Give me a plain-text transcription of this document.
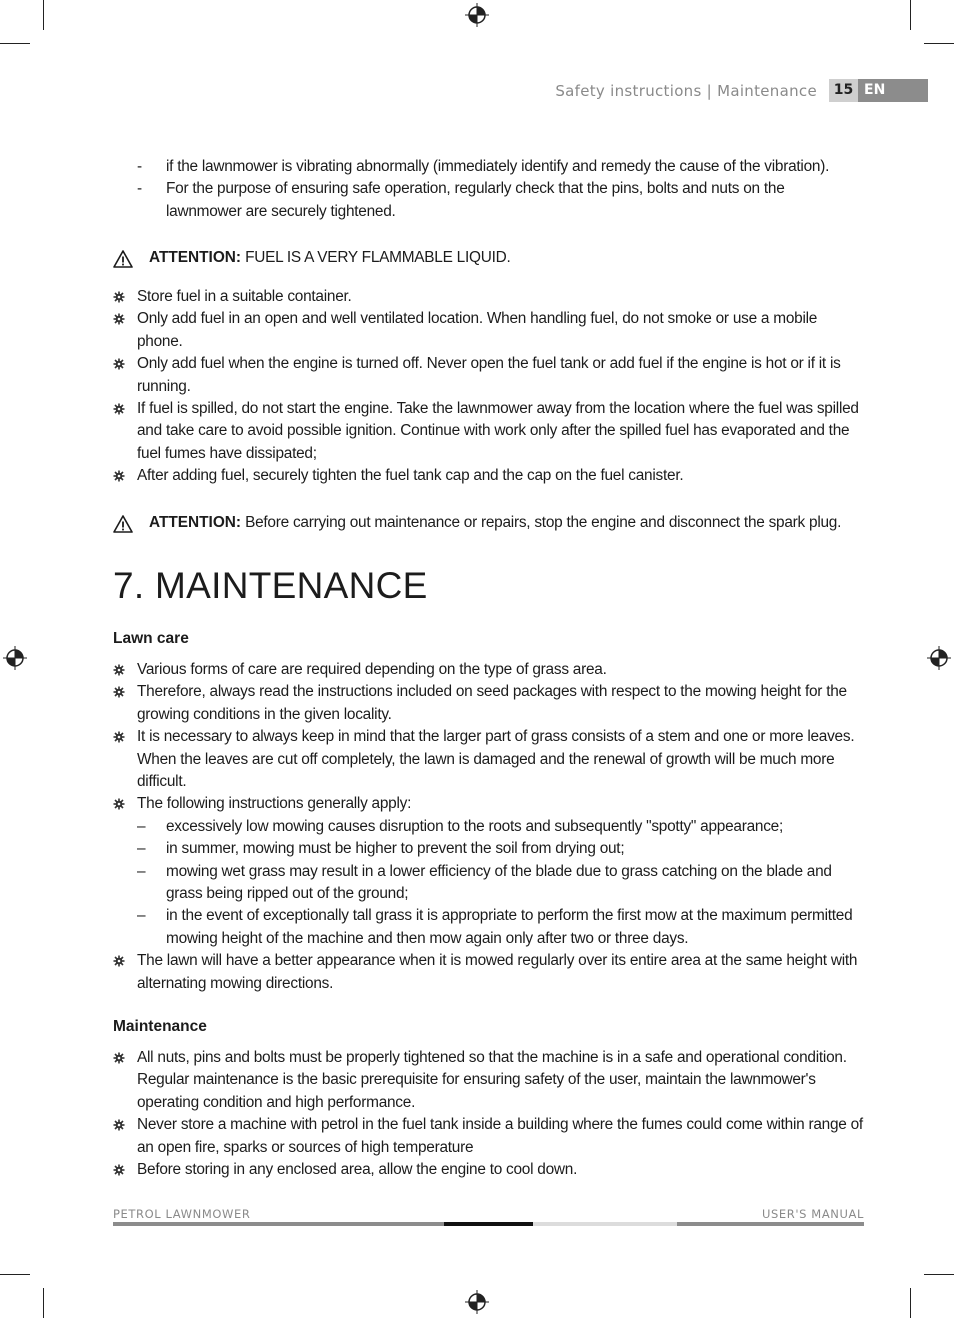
Safety instructions | Maintenance	15 EN
- if the lawnmower is vibrating abnormally (immediately identify and remedy the cause of the vibration).
- For the purpose of ensuring safe operation, regularly check that the pins, bolts and nuts on the lawnmower are securely tightened.
ATTENTION: FUEL IS A VERY FLAMMABLE LIQUID.
Store fuel in a suitable container.
Only add fuel in an open and well ventilated location. When handling fuel, do not smoke or use a mobile phone.
Only add fuel when the engine is turned off. Never open the fuel tank or add fuel if the engine is hot or if it is running.
If fuel is spilled, do not start the engine. Take the lawnmower away from the location where the fuel was spilled and take care to avoid possible ignition. Continue with work only after the spilled fuel has evaporated and the fuel fumes have dissipated;
After adding fuel, securely tighten the fuel tank cap and the cap on the fuel canister.
ATTENTION: Before carrying out maintenance or repairs, stop the engine and disconnect the spark plug.
7. MAINTENANCE
Lawn care
Various forms of care are required depending on the type of grass area.
Therefore, always read the instructions included on seed packages with respect to the mowing height for the growing conditions in the given locality.
It is necessary to always keep in mind that the larger part of grass consists of a stem and one or more leaves. When the leaves are cut off completely, the lawn is damaged and the renewal of growth will be much more difficult.
The following instructions generally apply:
– excessively low mowing causes disruption to the roots and subsequently "spotty" appearance;
– in summer, mowing must be higher to prevent the soil from drying out;
– mowing wet grass may result in a lower efficiency of the blade due to grass catching on the blade and grass being ripped out of the ground;
– in the event of exceptionally tall grass it is appropriate to perform the first mow at the maximum permitted mowing height of the machine and then mow again only after two or three days.
The lawn will have a better appearance when it is mowed regularly over its entire area at the same height with alternating mowing directions.
Maintenance
All nuts, pins and bolts must be properly tightened so that the machine is in a safe and operational condition. Regular maintenance is the basic prerequisite for ensuring safety of the user, maintain the lawnmower's operating condition and high performance.
Never store a machine with petrol in the fuel tank inside a building where the fumes could come within range of an open fire, sparks or sources of high temperature
Before storing in any enclosed area, allow the engine to cool down.
PETROL LAWNMOWER	USER'S MANUAL
